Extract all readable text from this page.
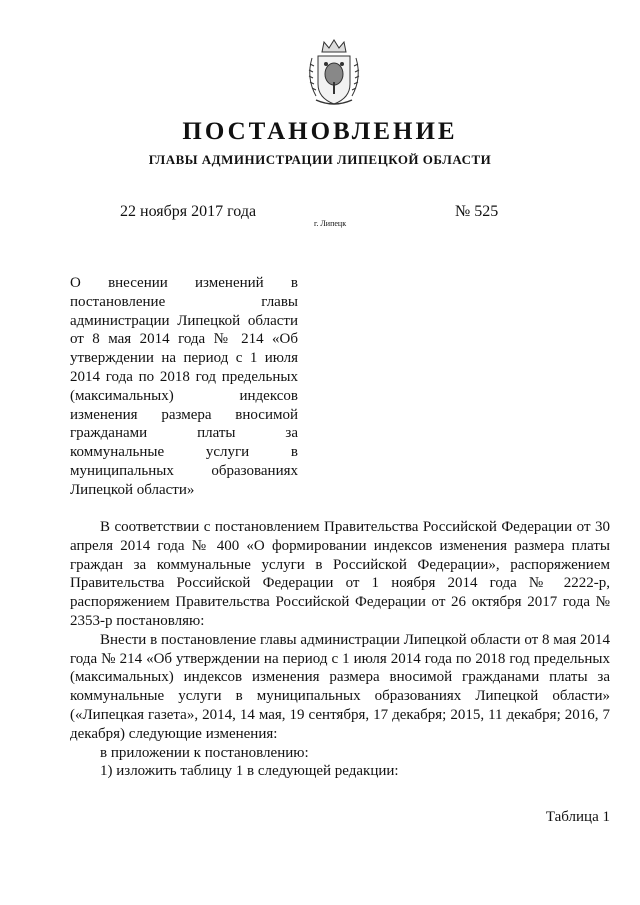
ПОСТАНОВЛЕНИЕ
ГЛАВЫ АДМИНИСТРАЦИИ ЛИПЕЦКОЙ ОБЛАСТИ
22 ноября 2017 года
г. Липецк
№ 525
О внесении изменений в постановление главы администрации Липецкой области от 8 мая 2014 года № 214 «Об утверждении на период с 1 июля 2014 года по 2018 год предельных (максимальных) индексов изменения размера вносимой гражданами платы за коммунальные услуги в муниципальных образованиях Липецкой области»

В соответствии с постановлением Правительства Российской Федерации от 30 апреля 2014 года № 400 «О формировании индексов изменения размера платы граждан за коммунальные услуги в Российской Федерации», распоряжением Правительства Российской Федерации от 1 ноября 2014 года № 2222-р, распоряжением Правительства Российской Федерации от 26 октября 2017 года № 2353-р постановляю:

Внести в постановление главы администрации Липецкой области от 8 мая 2014 года № 214 «Об утверждении на период с 1 июля 2014 года по 2018 год предельных (максимальных) индексов изменения размера вносимой гражданами платы за коммунальные услуги в муниципальных образованиях Липецкой области» («Липецкая газета», 2014, 14 мая, 19 сентября, 17 декабря; 2015, 11 декабря; 2016, 7 декабря) следующие изменения:

в приложении к постановлению:

1) изложить таблицу 1 в следующей редакции:

Таблица 1
